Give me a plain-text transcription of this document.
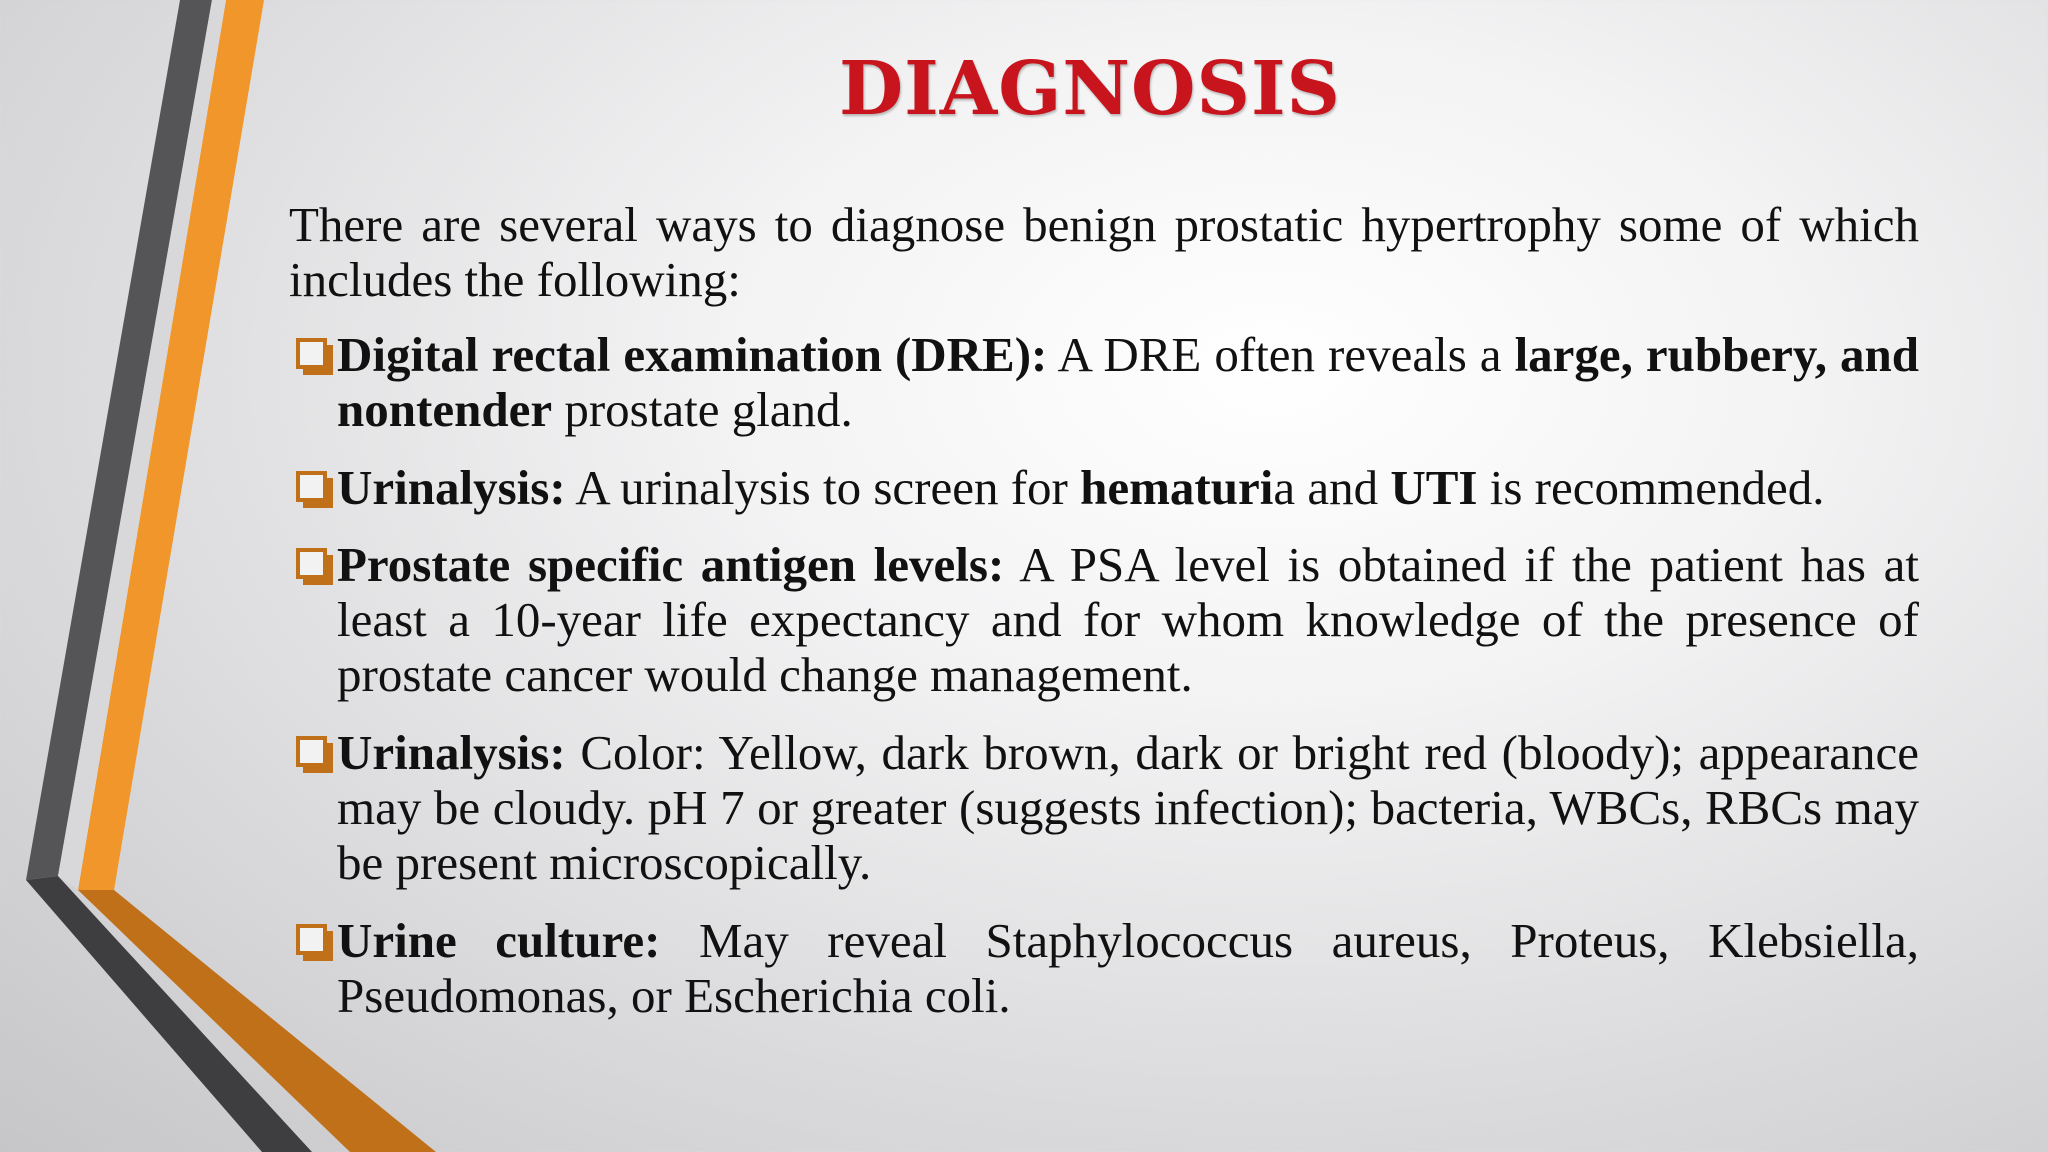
DIAGNOSIS

There are several ways to diagnose benign prostatic hypertrophy some of which includes the following:

Digital rectal examination (DRE): A DRE often reveals a large, rubbery, and nontender prostate gland.
Urinalysis: A urinalysis to screen for hematuria and UTI is recommended.
Prostate specific antigen levels: A PSA level is obtained if the patient has at least a 10-year life expectancy and for whom knowledge of the presence of prostate cancer would change management.
Urinalysis: Color: Yellow, dark brown, dark or bright red (bloody); appearance may be cloudy. pH 7 or greater (suggests infection); bacteria, WBCs, RBCs may be present microscopically.
Urine culture: May reveal Staphylococcus aureus, Proteus, Klebsiella, Pseudomonas, or Escherichia coli.
